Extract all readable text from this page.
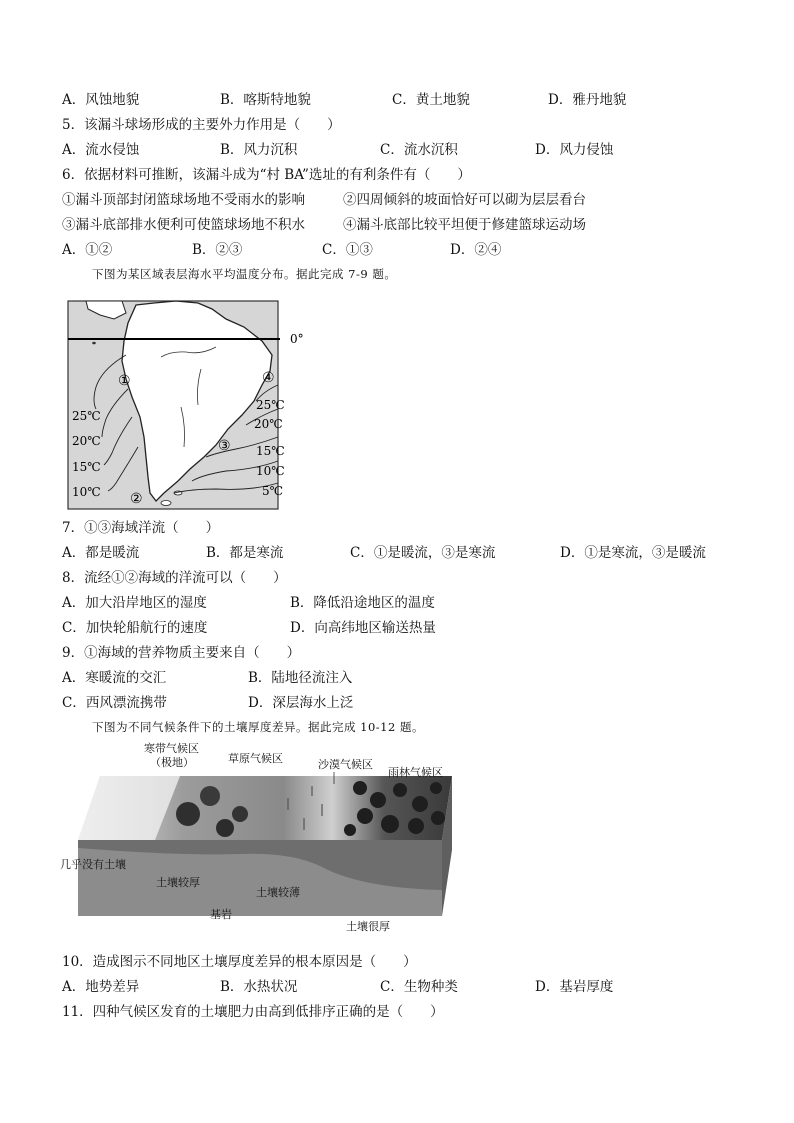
A．风蚀地貌	B．喀斯特地貌	C．黄土地貌	D．雅丹地貌
5．该漏斗球场形成的主要外力作用是（　　）
A．流水侵蚀	B．风力沉积	C．流水沉积	D．风力侵蚀
6．依据材料可推断，该漏斗成为“村 BA”选址的有利条件有（　　）
①漏斗顶部封闭篮球场地不受雨水的影响	②四周倾斜的坡面恰好可以砌为层层看台
③漏斗底部排水便利可使篮球场地不积水	④漏斗底部比较平坦便于修建篮球运动场
A．①②	B．②③	C．①③	D．②④
下图为某区域表层海水平均温度分布。据此完成 7-9 题。
0°
①
②
③
④
25℃
20℃
15℃
10℃
25℃
20℃
15℃
10℃
5℃
7．①③海域洋流（　　）
A．都是暖流	B．都是寒流	C．①是暖流，③是寒流	D．①是寒流，③是暖流
8．流经①②海域的洋流可以（　　）
A．加大沿岸地区的湿度	B．降低沿途地区的温度
C．加快轮船航行的速度	D．向高纬地区输送热量
9．①海域的营养物质主要来自（　　）
A．寒暖流的交汇	B．陆地径流注入
C．西风漂流携带	D．深层海水上泛
下图为不同气候条件下的土壤厚度差异。据此完成 10-12 题。
寒带气候区
（极地）	草原气候区	沙漠气候区
雨林气候区
几乎没有土壤
土壤较厚
土壤较薄
基岩
土壤很厚
10．造成图示不同地区土壤厚度差异的根本原因是（　　）
A．地势差异	B．水热状况	C．生物种类	D．基岩厚度
11．四种气候区发育的土壤肥力由高到低排序正确的是（　　）
